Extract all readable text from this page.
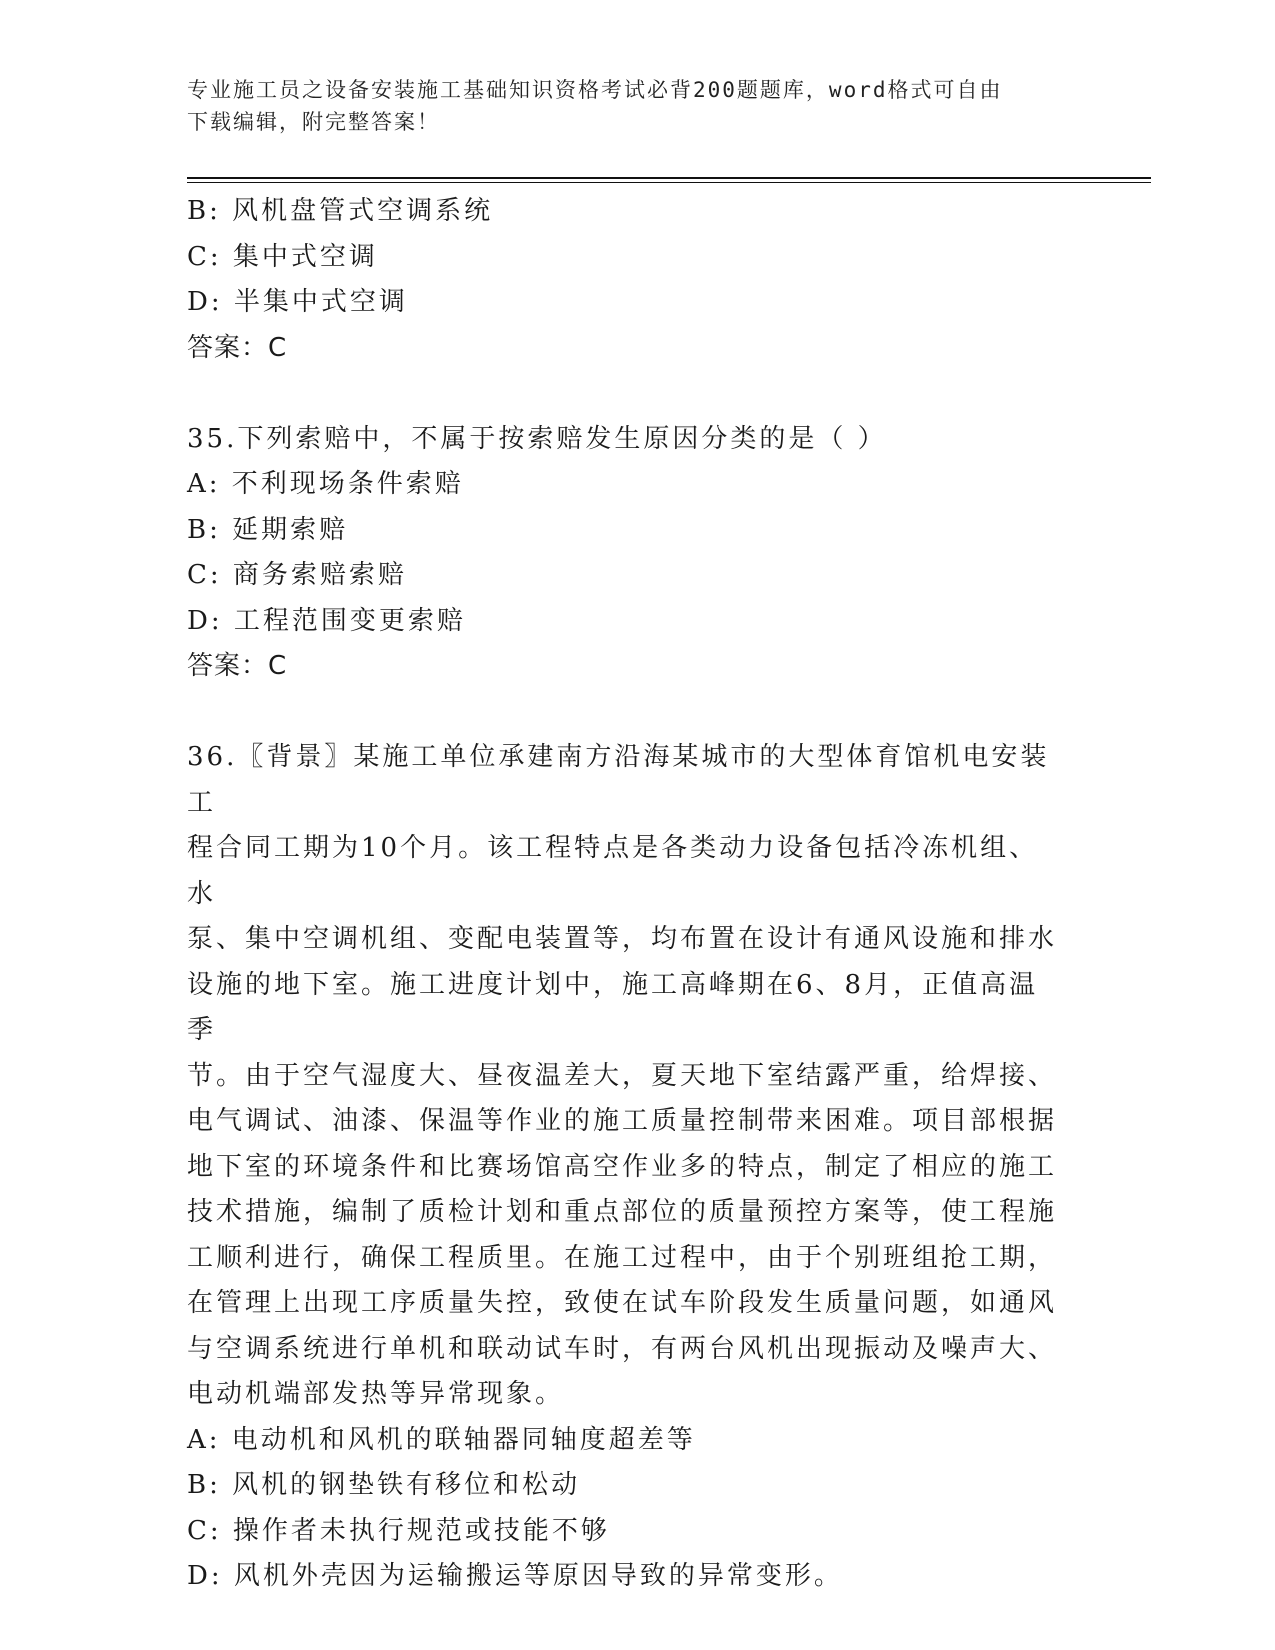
专业施工员之设备安装施工基础知识资格考试必背200题题库，word格式可自由
下载编辑，附完整答案！

B: 风机盘管式空调系统

C: 集中式空调

D: 半集中式空调

答案：C

35.下列索赔中，不属于按索赔发生原因分类的是（ ）

A: 不利现场条件索赔

B: 延期索赔

C: 商务索赔索赔

D: 工程范围变更索赔

答案：C

36.〖背景〗某施工单位承建南方沿海某城市的大型体育馆机电安装工

程合同工期为10个月。该工程特点是各类动力设备包括冷冻机组、水

泵、集中空调机组、变配电装置等，均布置在设计有通风设施和排水

设施的地下室。施工进度计划中，施工高峰期在6、8月，正值高温季

节。由于空气湿度大、昼夜温差大，夏天地下室结露严重，给焊接、

电气调试、油漆、保温等作业的施工质量控制带来困难。项目部根据

地下室的环境条件和比赛场馆高空作业多的特点，制定了相应的施工

技术措施，编制了质检计划和重点部位的质量预控方案等，使工程施

工顺利进行，确保工程质里。在施工过程中，由于个别班组抢工期，

在管理上出现工序质量失控，致使在试车阶段发生质量问题，如通风

与空调系统进行单机和联动试车时，有两台风机出现振动及噪声大、

电动机端部发热等异常现象。

A: 电动机和风机的联轴器同轴度超差等

B: 风机的钢垫铁有移位和松动

C: 操作者未执行规范或技能不够

D: 风机外壳因为运输搬运等原因导致的异常变形。
